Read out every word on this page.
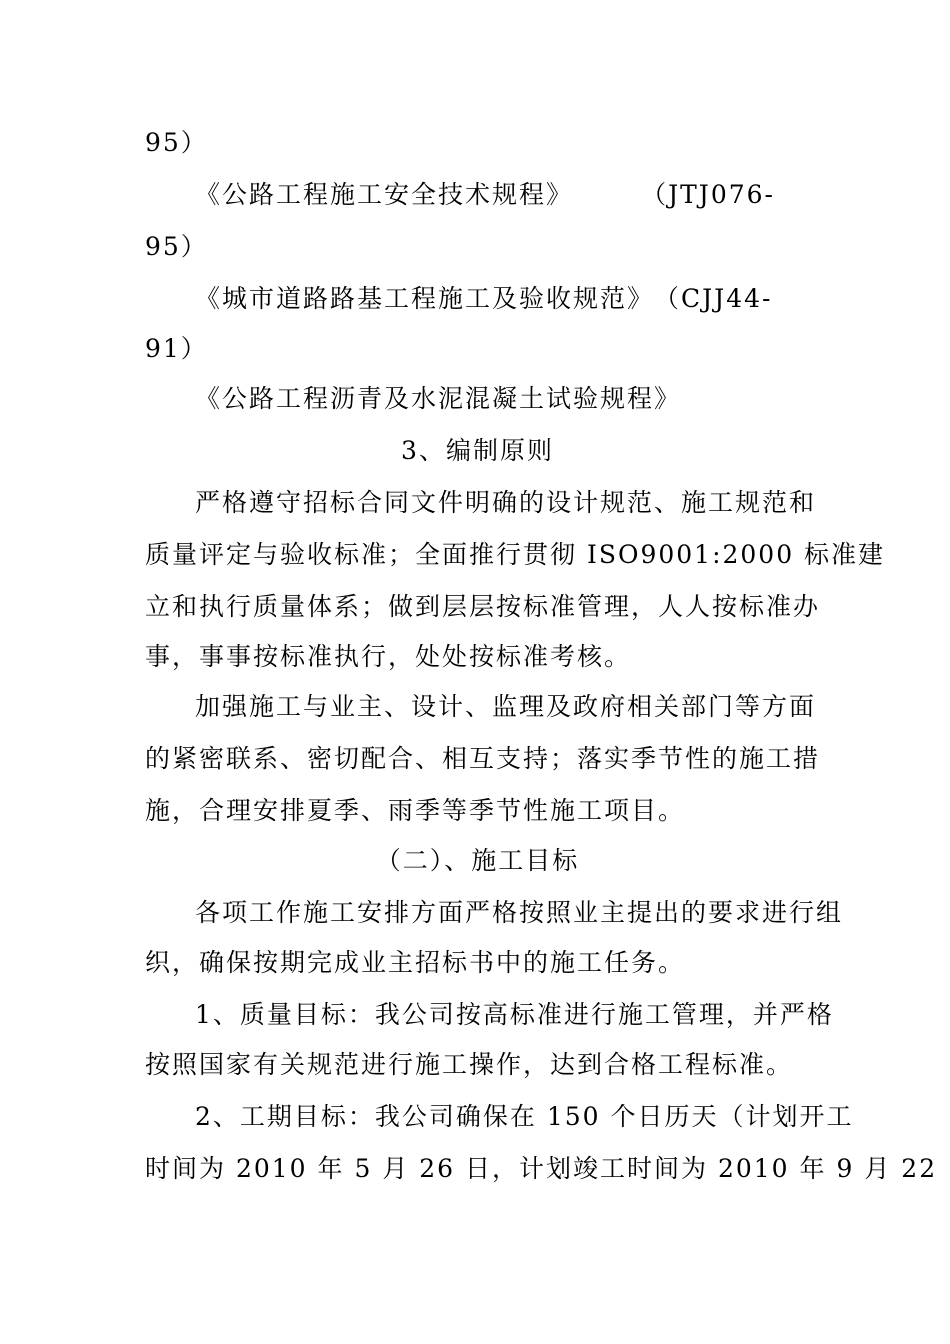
95）
《公路工程施工安全技术规程》	（JTJ076-
95）
《城市道路路基工程施工及验收规范》 （CJJ44-
91）
《公路工程沥青及水泥混凝土试验规程》
3、编制原则
严格遵守招标合同文件明确的设计规范、施工规范和
质量评定与验收标准；全面推行贯彻 ISO9001:2000 标准建
立和执行质量体系；做到层层按标准管理，人人按标准办
事，事事按标准执行，处处按标准考核。
加强施工与业主、设计、监理及政府相关部门等方面
的紧密联系、密切配合、相互支持；落实季节性的施工措
施，合理安排夏季、雨季等季节性施工项目。
（二）、施工目标
各项工作施工安排方面严格按照业主提出的要求进行组
织，确保按期完成业主招标书中的施工任务。
1、质量目标：我公司按高标准进行施工管理，并严格
按照国家有关规范进行施工操作，达到合格工程标准。
2、工期目标：我公司确保在 150 个日历天（计划开工
时间为 2010 年 5 月 26 日，计划竣工时间为 2010 年 9 月 22
